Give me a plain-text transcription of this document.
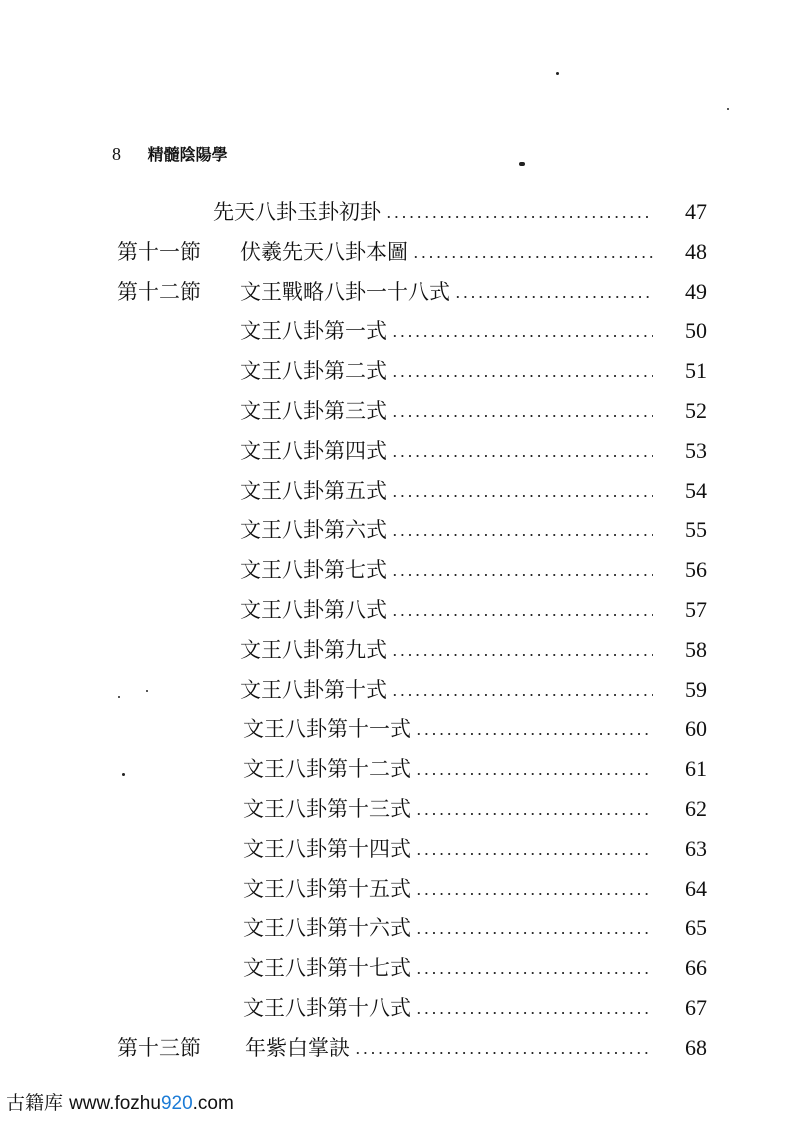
8 精髓陰陽學
先天八卦玉卦初卦	47
第十一節 伏羲先天八卦本圖	48
第十二節 文王戰略八卦一十八式	49
文王八卦第一式	50
文王八卦第二式	51
文王八卦第三式	52
文王八卦第四式	53
文王八卦第五式	54
文王八卦第六式	55
文王八卦第七式	56
文王八卦第八式	57
文王八卦第九式	58
文王八卦第十式	59
文王八卦第十一式	60
文王八卦第十二式	61
文王八卦第十三式	62
文王八卦第十四式	63
文王八卦第十五式	64
文王八卦第十六式	65
文王八卦第十七式	66
文王八卦第十八式	67
第十三節 年紫白掌訣	68
古籍库 www.fozhu920.com
